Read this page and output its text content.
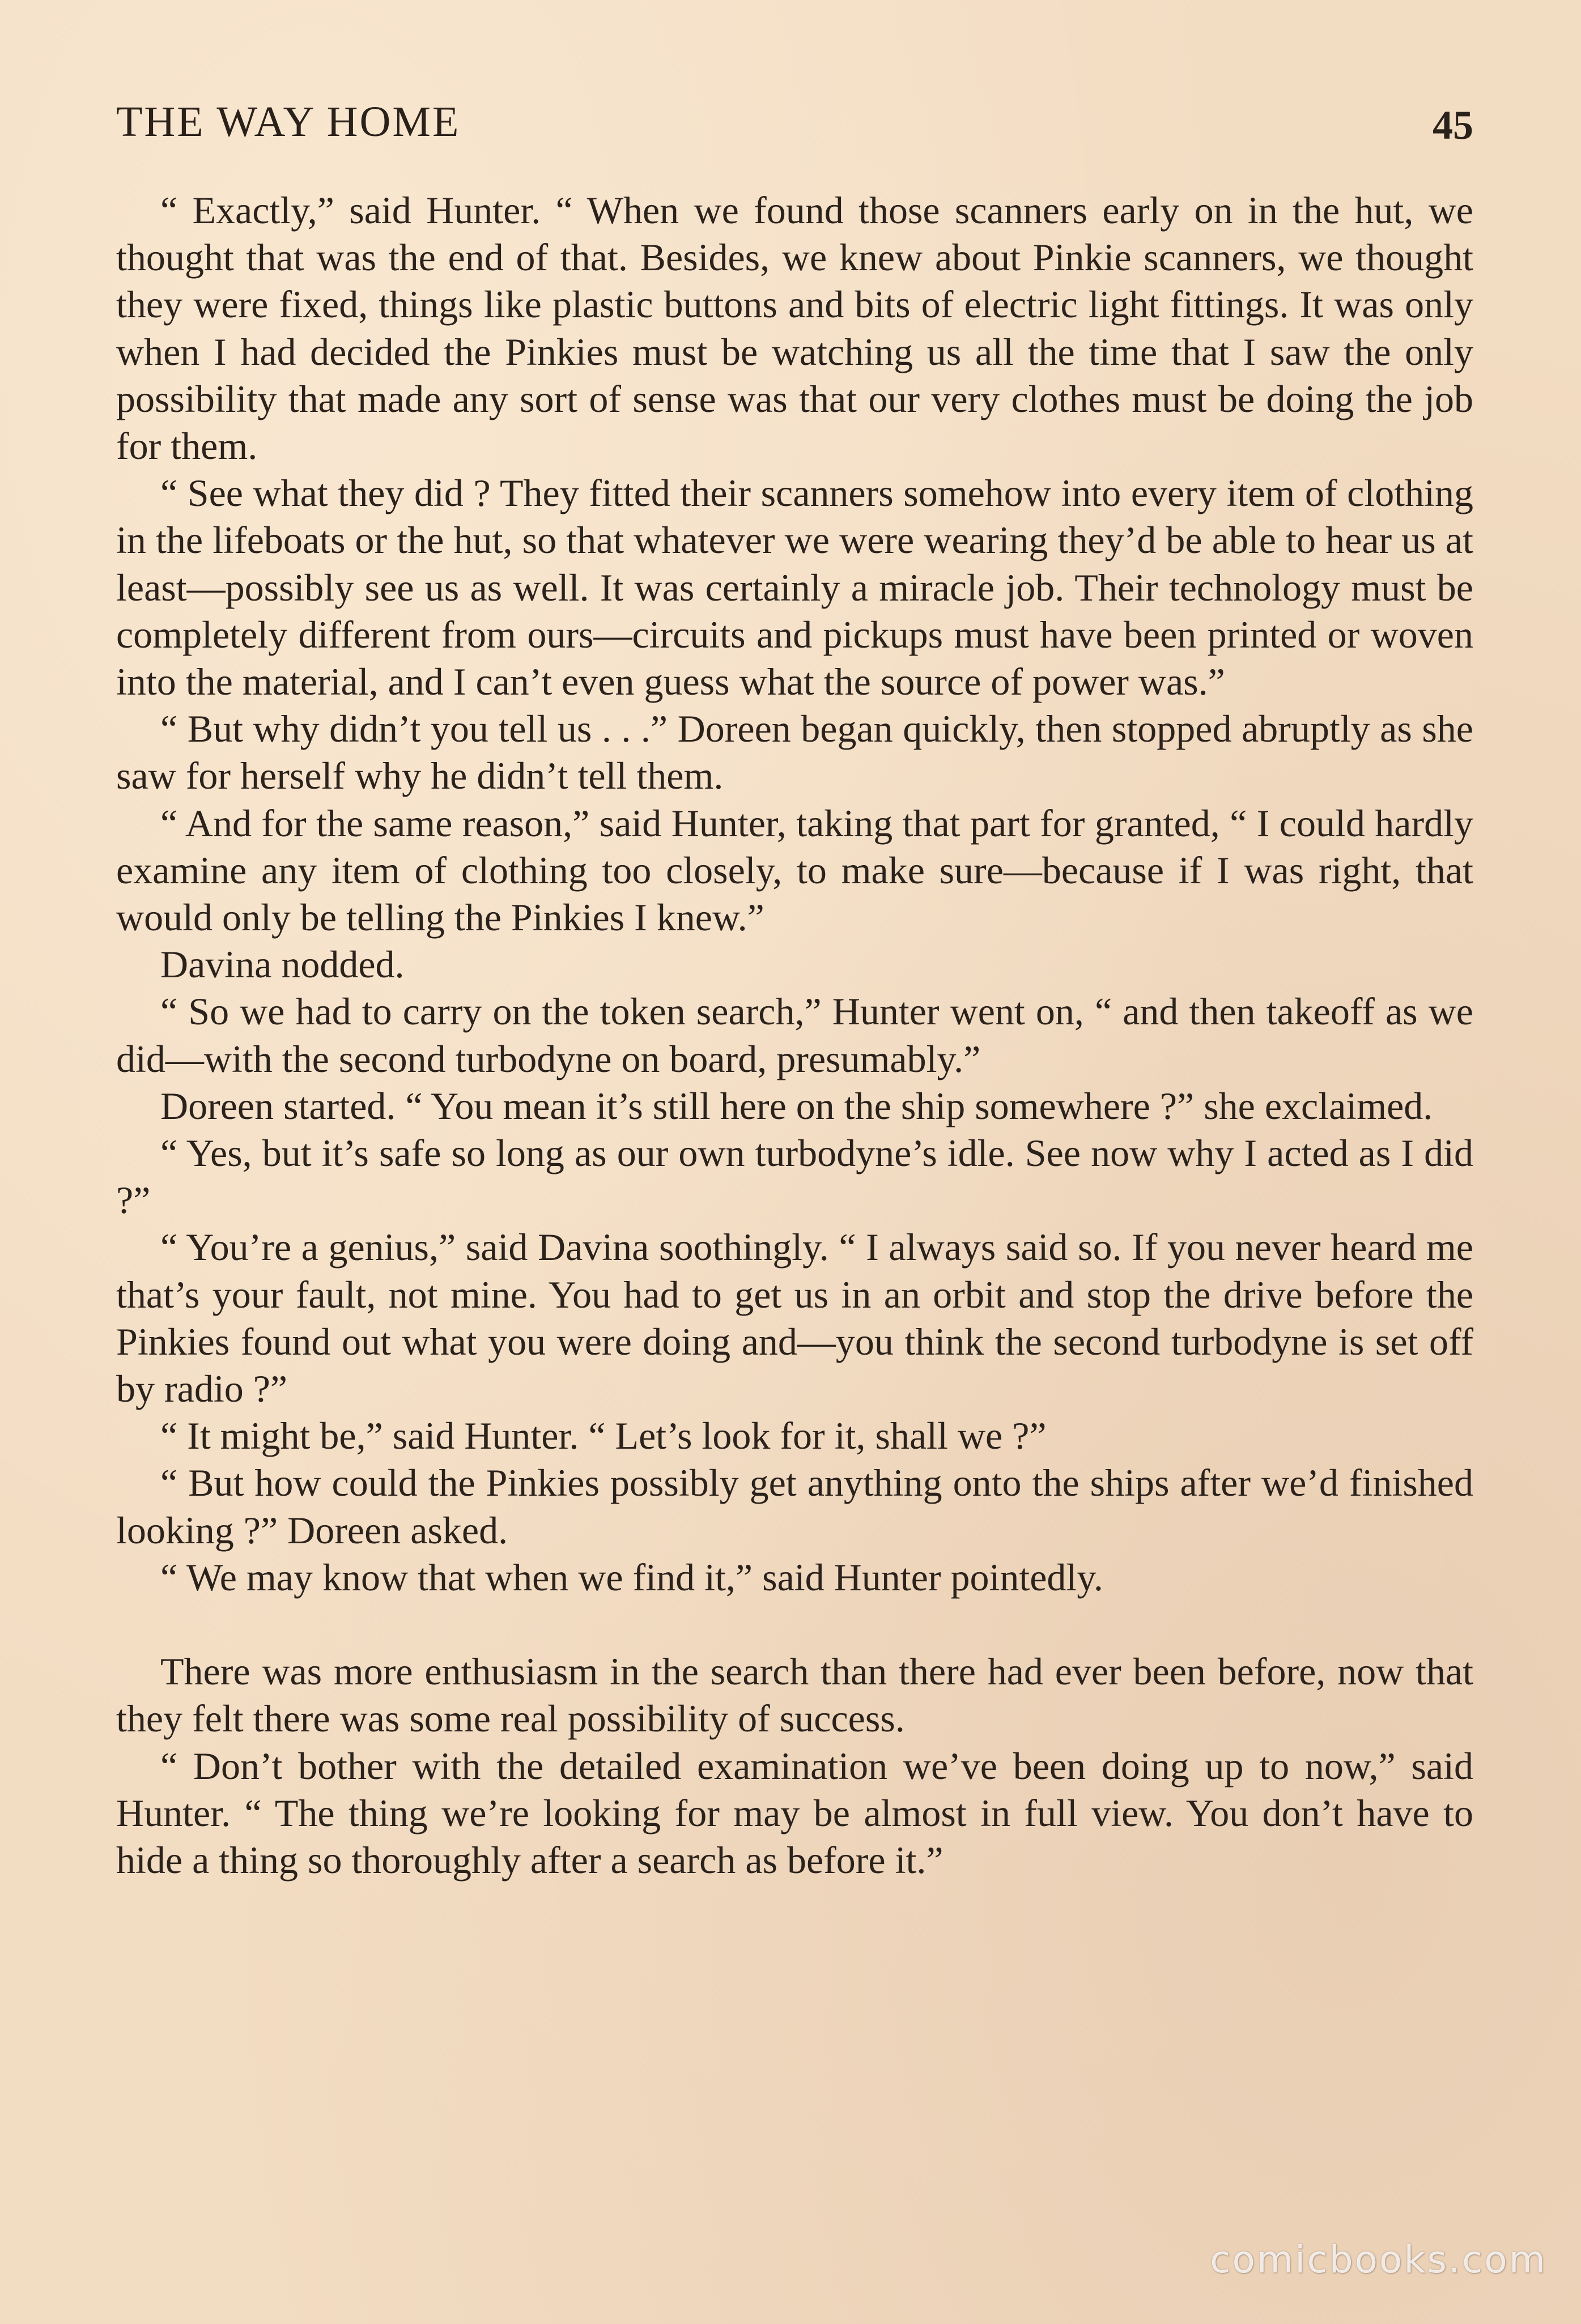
THE WAY HOME	45

“ Exactly,” said Hunter. “ When we found those scanners early on in the hut, we thought that was the end of that. Besides, we knew about Pinkie scanners, we thought they were fixed, things like plastic buttons and bits of electric light fittings. It was only when I had decided the Pinkies must be watching us all the time that I saw the only possibility that made any sort of sense was that our very clothes must be doing the job for them.

“ See what they did ? They fitted their scanners somehow into every item of clothing in the lifeboats or the hut, so that whatever we were wearing they’d be able to hear us at least—possibly see us as well. It was certainly a miracle job. Their technology must be completely different from ours—circuits and pickups must have been printed or woven into the material, and I can’t even guess what the source of power was.”

“ But why didn’t you tell us . . .” Doreen began quickly, then stopped abruptly as she saw for herself why he didn’t tell them.

“ And for the same reason,” said Hunter, taking that part for granted, “ I could hardly examine any item of clothing too closely, to make sure—because if I was right, that would only be telling the Pinkies I knew.”

Davina nodded.

“ So we had to carry on the token search,” Hunter went on, “ and then takeoff as we did—with the second turbodyne on board, presumably.”

Doreen started. “ You mean it’s still here on the ship somewhere ?” she exclaimed.

“ Yes, but it’s safe so long as our own turbodyne’s idle. See now why I acted as I did ?”

“ You’re a genius,” said Davina soothingly. “ I always said so. If you never heard me that’s your fault, not mine. You had to get us in an orbit and stop the drive before the Pinkies found out what you were doing and—you think the second turbodyne is set off by radio ?”

“ It might be,” said Hunter. “ Let’s look for it, shall we ?”

“ But how could the Pinkies possibly get anything onto the ships after we’d finished looking ?” Doreen asked.

“ We may know that when we find it,” said Hunter pointedly.

There was more enthusiasm in the search than there had ever been before, now that they felt there was some real possibility of success.

“ Don’t bother with the detailed examination we’ve been doing up to now,” said Hunter. “ The thing we’re looking for may be almost in full view. You don’t have to hide a thing so thoroughly after a search as before it.”

comicbooks.com
